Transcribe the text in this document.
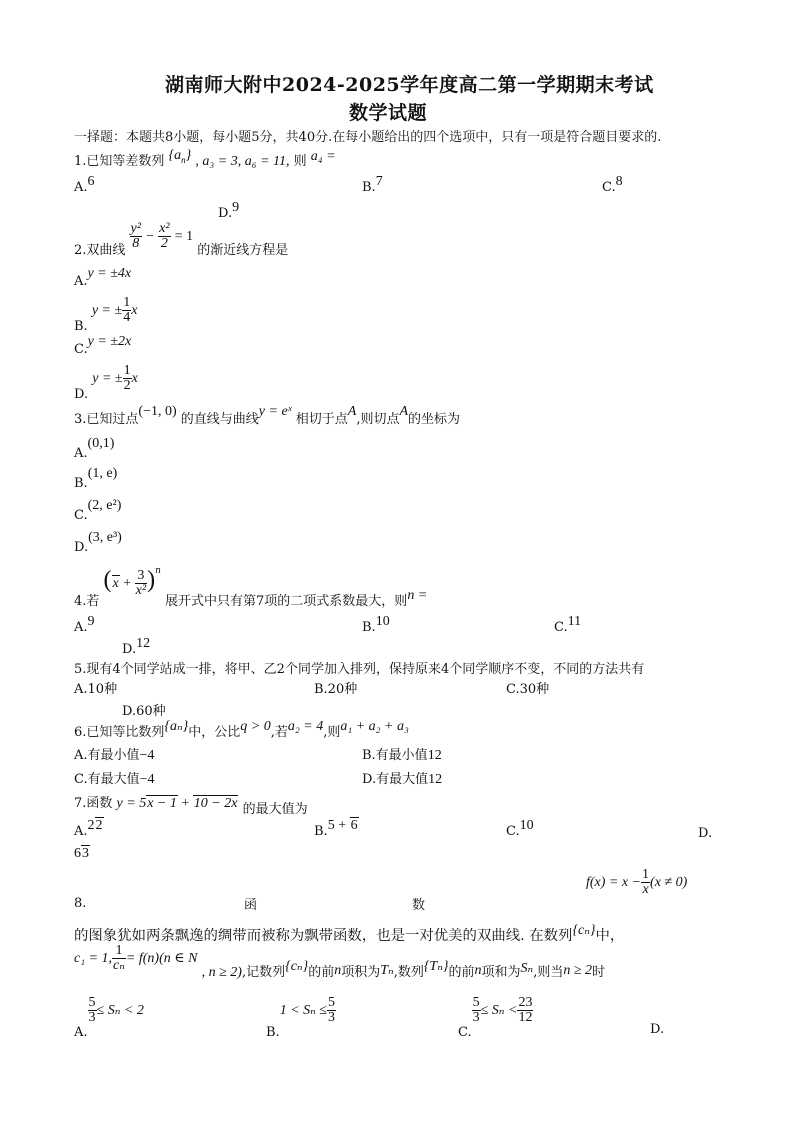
湖南师大附中2024-2025学年度高二第一学期期末考试
数学试题
一择题：本题共8小题，每小题5分，共40分.在每小题给出的四个选项中，只有一项是符合题目要求的.
1.已知等差数列 $\{a_n\}$ , a₃ = 3, a₆ = 11, 则 a₄ =
A.6	B.7	C.8
D.9
2.双曲线 $\frac{\text{y²}}{8} - \frac{\text{x²}}{2} = 1$ 的渐近线方程是
A.y = ±4x
B. y = ± $\frac{1}{4}$ x
C.y = ±2x
D. y = ± $\frac{1}{2}$ x
3.已知过点(−1, 0) 的直线与曲线y = eˣ 相切于点A,则切点A的坐标为
A.(0,1)
B.(1, e)
C.(2, e²)
D.(3, e³)
4.若 $(x + \frac{3}{\text{x²}} )^n$ 展开式中只有第7项的二项式系数最大，则n =
A.9	B.10	C.11
D.12
5.现有4个同学站成一排，将甲、乙2个同学加入排列，保持原来4个同学顺序不变，不同的方法共有
A.10种	B.20种	C.30种
D.60种
6.已知等比数列{aₙ}中，公比q > 0,若a₂ = 4,则a₁ + a₂ + a₃
A.有最小值−4	B.有最小值12
C.有最大值−4	D.有最大值12
7.函数 y = 5x − 1 + 10 − 2x 的最大值为
A.22	B.5 + 6	C.10
D.
63
8.	函	数
$f(x) = x - \frac{1}{x} (x \ne 0)$
的图象犹如两条飘逸的绸带而被称为飘带函数，也是一对优美的双曲线. 在数列{cₙ}中，
c₁ = 1, $\frac{1}{\text{cₙ}} = f(n)(n$ ∈ N , n ≥ 2),记数列{cₙ}的前n项积为Tₙ,数列{Tₙ}的前n项和为Sₙ,则当n ≥ 2时
A.
$\frac{5}{3} \le S_n < 2$
$B.1 < S_n \le \frac{5}{3}$
C.
$\frac{5}{3} \le S_n < \frac{23}{12}$
D.
